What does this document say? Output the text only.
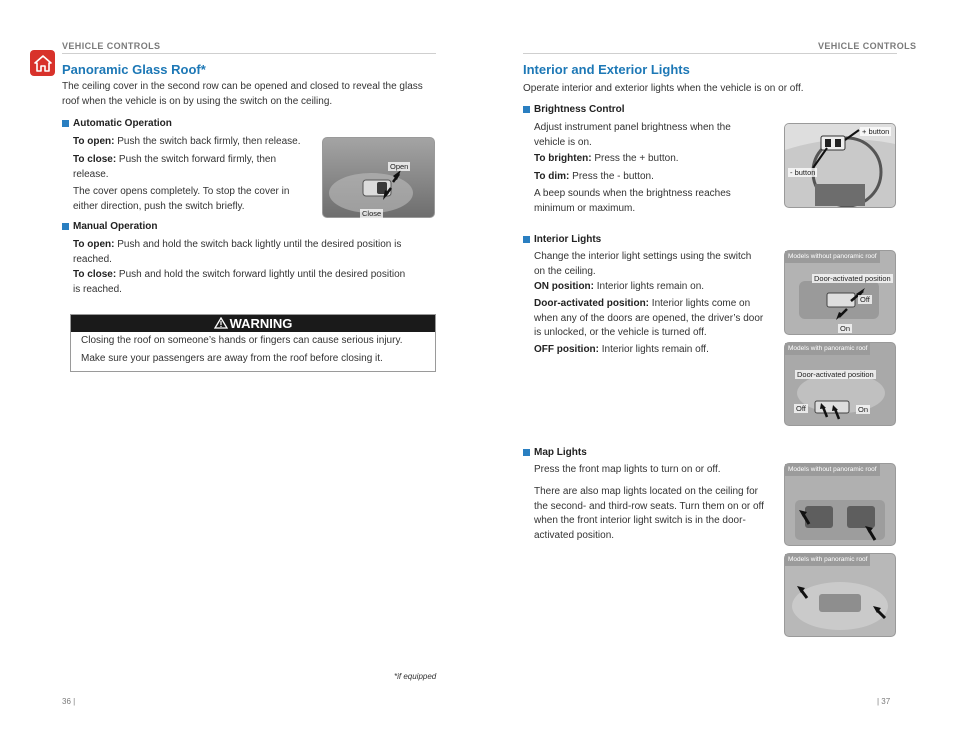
VEHICLE CONTROLS
Panoramic Glass Roof*
The ceiling cover in the second row can be opened and closed to reveal the glass roof when the vehicle is on by using the switch on the ceiling.
Automatic Operation
To open: Push the switch back firmly, then release.
To close: Push the switch forward firmly, then release.
The cover opens completely. To stop the cover in either direction, push the switch briefly.
Open
Close
Manual Operation
To open: Push and hold the switch back lightly until the desired position is reached.
To close: Push and hold the switch forward lightly until the desired position is reached.
WARNING
Closing the roof on someone’s hands or fingers can cause serious injury.
Make sure your passengers are away from the roof before closing it.
*if equipped
36 |
VEHICLE CONTROLS
Interior and Exterior Lights
Operate interior and exterior lights when the vehicle is on or off.
Brightness Control
Adjust instrument panel brightness when the vehicle is on.
To brighten: Press the + button.
To dim: Press the - button.
A beep sounds when the brightness reaches minimum or maximum.
+ button
- button
Interior Lights
Change the interior light settings using the switch on the ceiling.
ON position: Interior lights remain on.
Door-activated position: Interior lights come on when any of the doors are opened, the driver’s door is unlocked, or the vehicle is turned off.
OFF position: Interior lights remain off.
Models without panoramic roof
Door-activated position
Off
On
Models with panoramic roof
Door-activated position
Off	On
Map Lights
Press the front map lights to turn on or off.
There are also map lights located on the ceiling for the second- and third-row seats. Turn them on or off when the front interior light switch is in the door-activated position.
Models without panoramic roof
Models with panoramic roof
| 37
